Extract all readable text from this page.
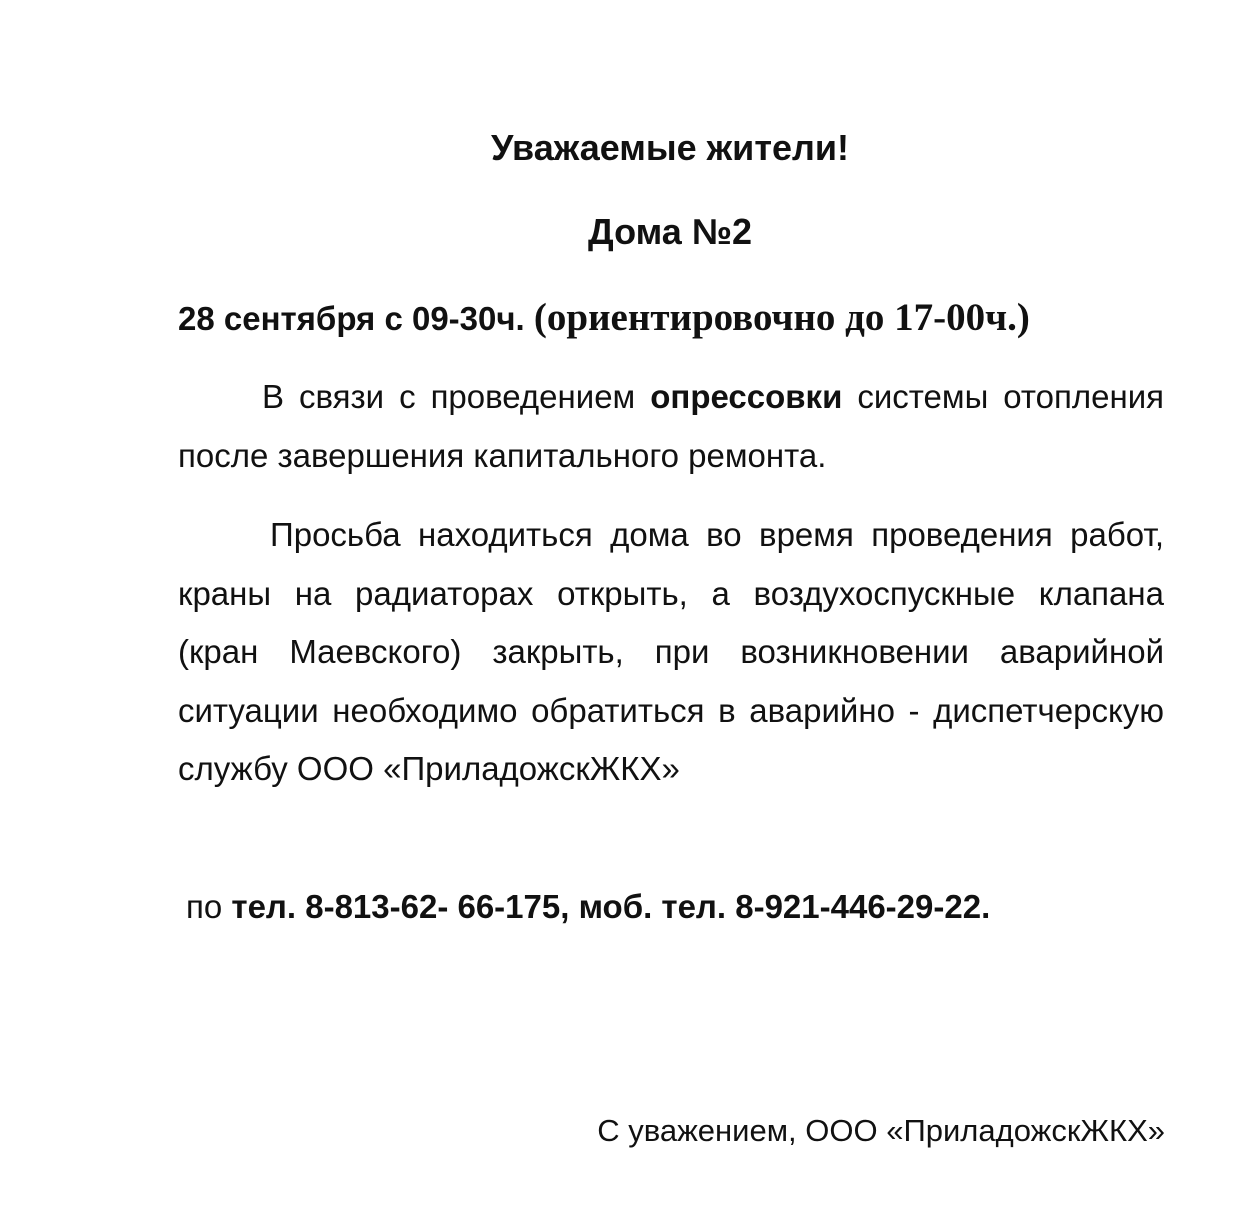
Уважаемые жители!
Дома №2
28 сентября с 09-30ч. (ориентировочно до 17-00ч.)
В связи с проведением опрессовки системы отопления после завершения капитального ремонта.
Просьба находиться дома во время проведения работ, краны на радиаторах открыть, а воздухоспускные клапана (кран Маевского) закрыть, при возникновении аварийной ситуации необходимо обратиться в аварийно - диспетчерскую службу ООО «ПриладожскЖКХ»
по тел. 8-813-62- 66-175, моб. тел. 8-921-446-29-22.
С уважением, ООО «ПриладожскЖКХ»
